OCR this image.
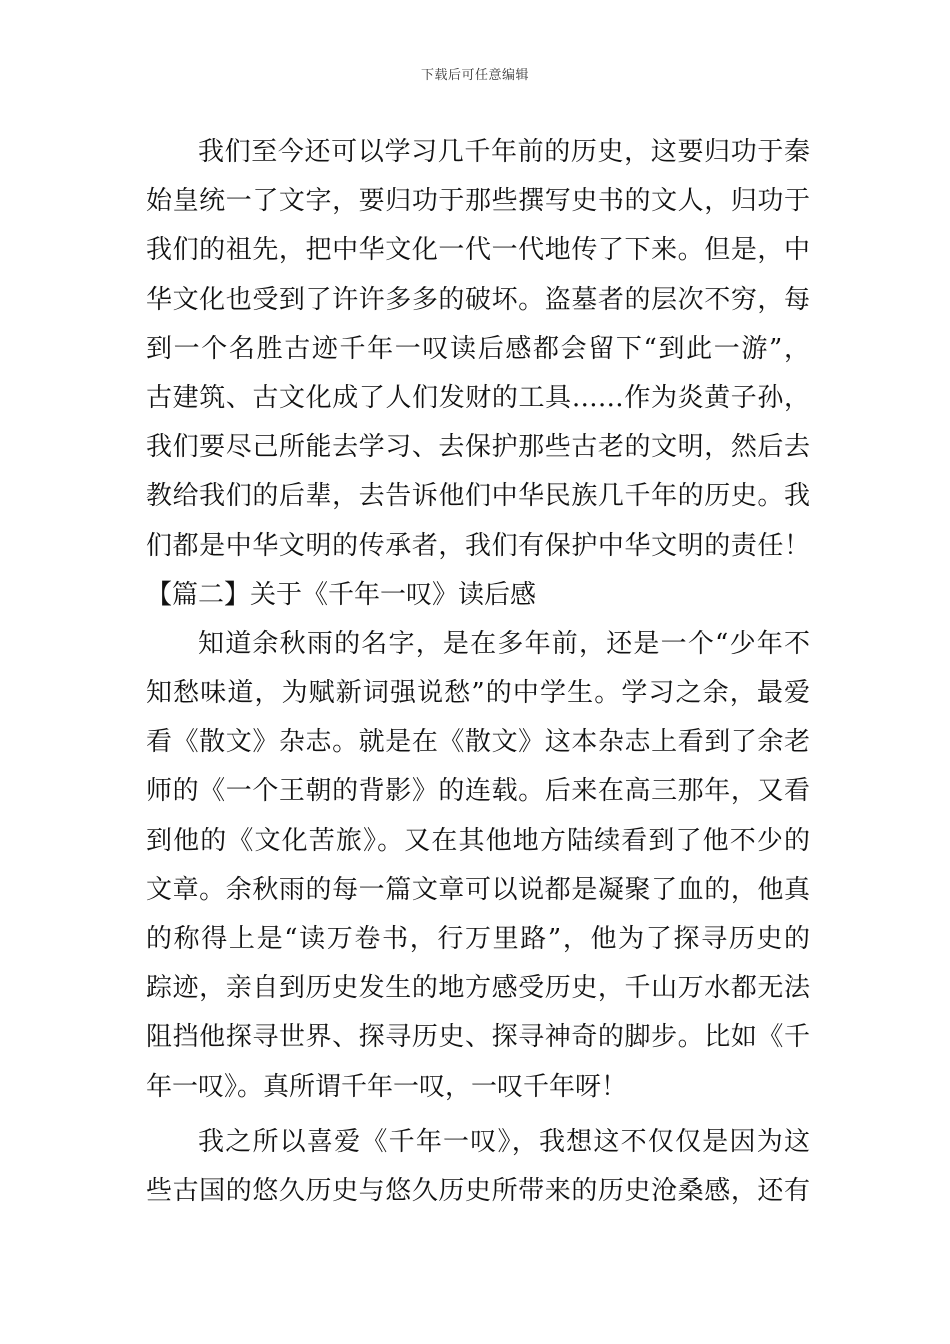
下载后可任意编辑
我们至今还可以学习几千年前的历史，这要归功于秦
始皇统一了文字，要归功于那些撰写史书的文人，归功于
我们的祖先，把中华文化一代一代地传了下来。但是，中
华文化也受到了许许多多的破坏。盗墓者的层次不穷，每
到一个名胜古迹千年一叹读后感都会留下“到此一游”，
古建筑、古文化成了人们发财的工具……作为炎黄子孙，
我们要尽己所能去学习、去保护那些古老的文明，然后去
教给我们的后辈，去告诉他们中华民族几千年的历史。我
们都是中华文明的传承者，我们有保护中华文明的责任！
【篇二】关于《千年一叹》读后感
知道余秋雨的名字，是在多年前，还是一个“少年不
知愁味道，为赋新词强说愁”的中学生。学习之余，最爱
看《散文》杂志。就是在《散文》这本杂志上看到了余老
师的《一个王朝的背影》的连载。后来在高三那年，又看
到他的《文化苦旅》。又在其他地方陆续看到了他不少的
文章。余秋雨的每一篇文章可以说都是凝聚了血的，他真
的称得上是“读万卷书，行万里路”，他为了探寻历史的
踪迹，亲自到历史发生的地方感受历史，千山万水都无法
阻挡他探寻世界、探寻历史、探寻神奇的脚步。比如《千
年一叹》。真所谓千年一叹，一叹千年呀！
我之所以喜爱《千年一叹》，我想这不仅仅是因为这
些古国的悠久历史与悠久历史所带来的历史沧桑感，还有
